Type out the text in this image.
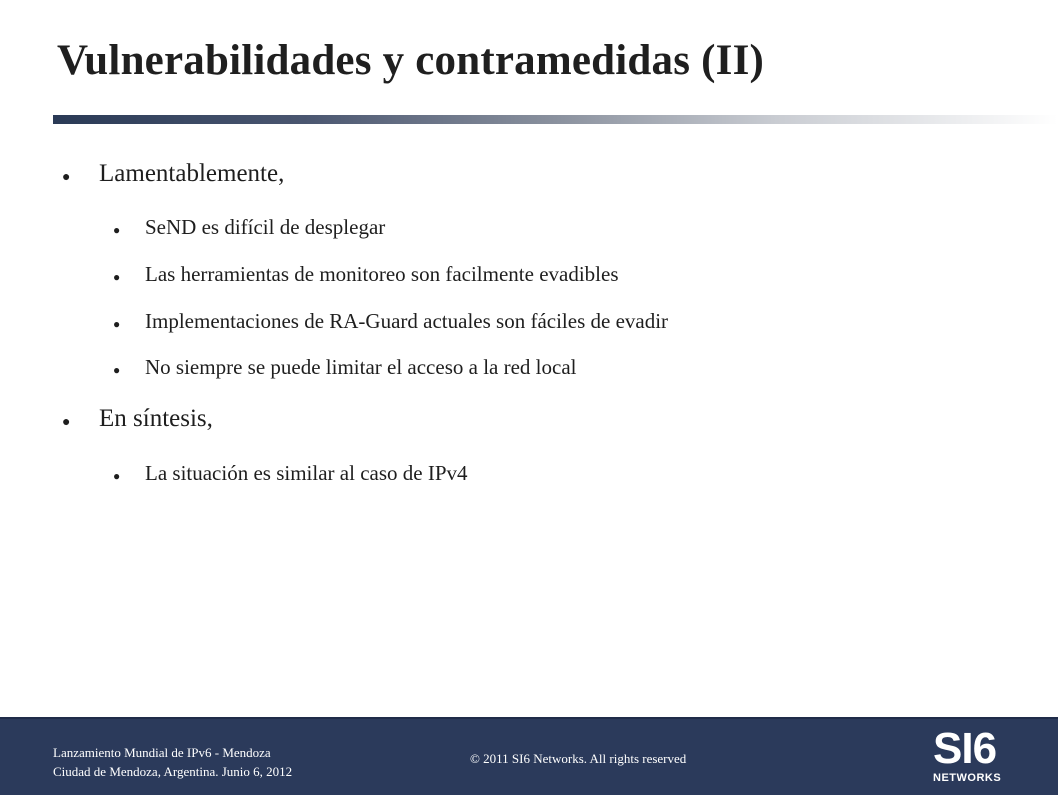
Vulnerabilidades y contramedidas (II)
●	Lamentablemente,
●	SeND es difícil de desplegar
●	Las herramientas de monitoreo son facilmente evadibles
●	Implementaciones de RA-Guard actuales son fáciles de evadir
●	No siempre se puede limitar el acceso a la red local
●	En síntesis,
●	La situación es similar al caso de IPv4
Lanzamiento Mundial de IPv6 - Mendoza
Ciudad de Mendoza, Argentina. Junio 6, 2012
© 2011 SI6 Networks. All rights reserved	SI6
NETWORKS
